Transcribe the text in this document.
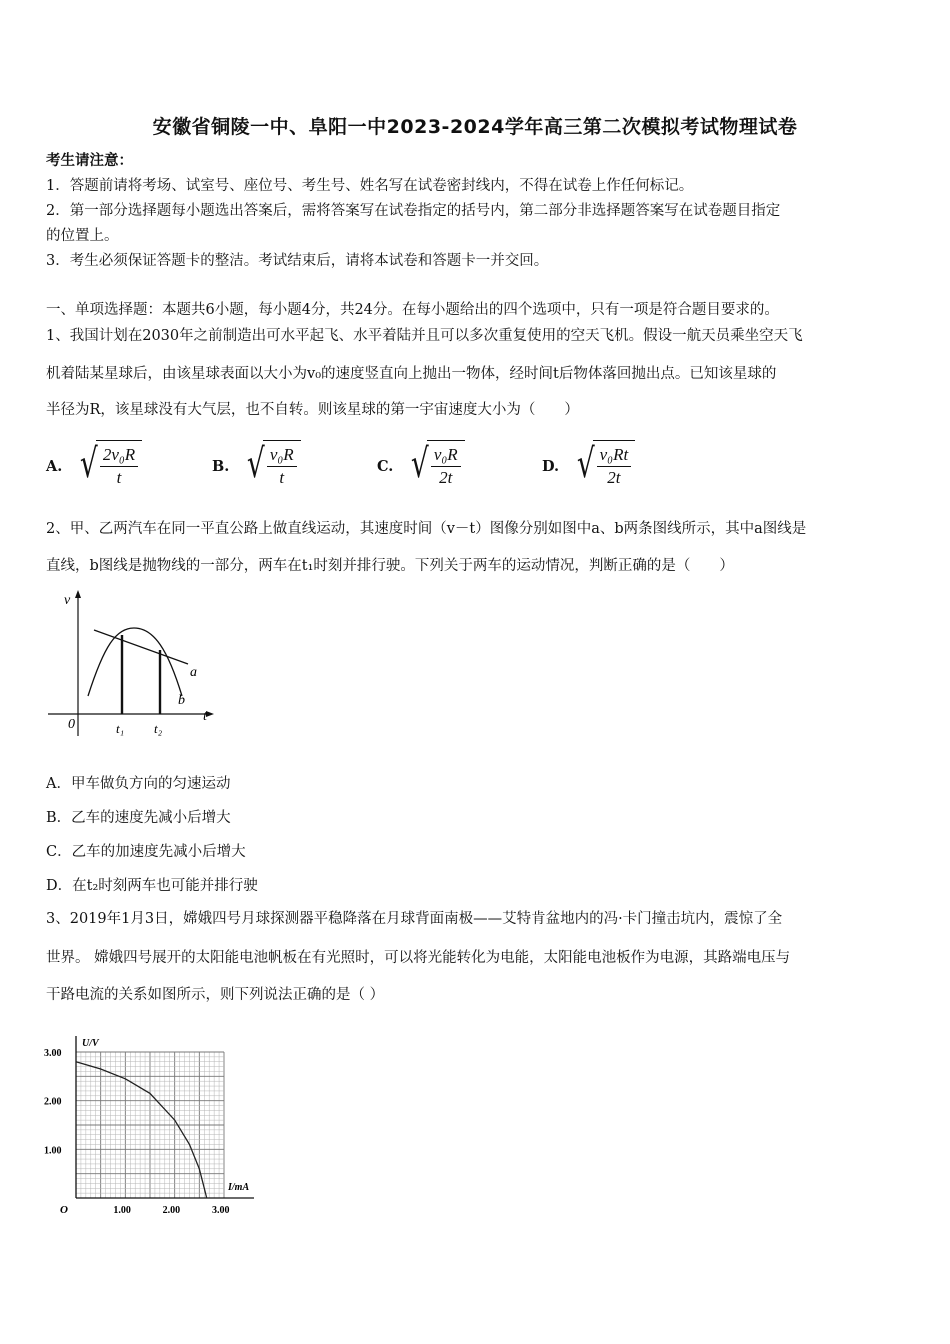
安徽省铜陵一中、阜阳一中2023-2024学年高三第二次模拟考试物理试卷
考生请注意：
1．答题前请将考场、试室号、座位号、考生号、姓名写在试卷密封线内，不得在试卷上作任何标记。
2．第一部分选择题每小题选出答案后，需将答案写在试卷指定的括号内，第二部分非选择题答案写在试卷题目指定
的位置上。
3．考生必须保证答题卡的整洁。考试结束后，请将本试卷和答题卡一并交回。
一、单项选择题：本题共6小题，每小题4分，共24分。在每小题给出的四个选项中，只有一项是符合题目要求的。
1、我国计划在2030年之前制造出可水平起飞、水平着陆并且可以多次重复使用的空天飞机。假设一航天员乘坐空天飞
机着陆某星球后，由该星球表面以大小为v₀的速度竖直向上抛出一物体，经时间t后物体落回抛出点。已知该星球的
半径为R，该星球没有大气层，也不自转。则该星球的第一宇宙速度大小为（　　）
A. √
$\frac{\text{2v₀R}}{t}$	B. √
$\frac{\text{v₀R}}{t}$	C. √
$\frac{\text{v₀R}}{2t}$	D. √
$\frac{\text{v₀Rt}}{2t}$
2、甲、乙两汽车在同一平直公路上做直线运动，其速度时间（v－t）图像分别如图中a、b两条图线所示，其中a图线是
直线，b图线是抛物线的一部分，两车在t₁时刻并排行驶。下列关于两车的运动情况，判断正确的是（　　）
v
t
0	t₁ t₂
a
b
A．甲车做负方向的匀速运动
B．乙车的速度先减小后增大
C．乙车的加速度先减小后增大
D．在t₂时刻两车也可能并排行驶
3、2019年1月3日，嫦娥四号月球探测器平稳降落在月球背面南极——艾特肯盆地内的冯·卡门撞击坑内，震惊了全
世界。 嫦娥四号展开的太阳能电池帆板在有光照时，可以将光能转化为电能，太阳能电池板作为电源，其路端电压与
干路电流的关系如图所示，则下列说法正确的是（ ）
1.00	2.00	3.00
3.00
2.00
1.00
O
U/V
I/mA
